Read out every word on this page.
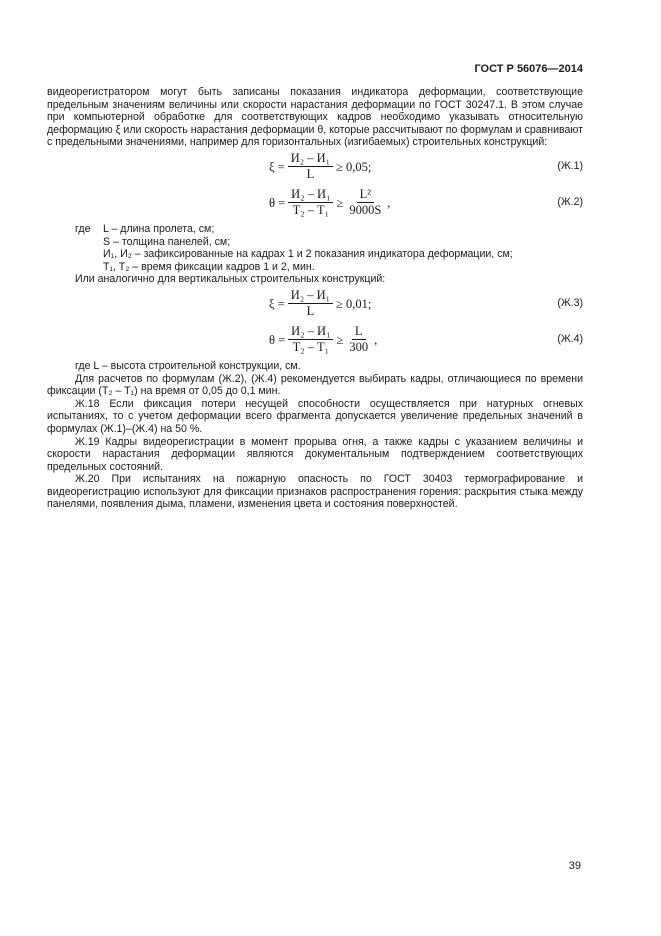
ГОСТ Р 56076—2014

видеорегистратором могут быть записаны показания индикатора деформации, соответствующие предельным значениям величины или скорости нарастания деформации по ГОСТ 30247.1. В этом случае при компьютерной обработке для соответствующих кадров необходимо указывать относительную деформацию ξ или скорость нарастания деформации θ, которые рассчитывают по формулам и сравнивают с предельными значениями, например для горизонтальных (изгибаемых) строительных конструкций:

$\xi = \frac{\text{И₂ – И₁}}{L} \ge 0,05$;	(Ж.1)
$\theta = \frac{\text{И₂ – И₁}}{\text{T₂ – T₁}} \ge \frac{\text{L²}}{9000S}$ ,	(Ж.2)
где	L – длина пролета, см;
S – толщина панелей, см;
И₁, И₂ – зафиксированные на кадрах 1 и 2 показания индикатора деформации, см;
T₁, T₂ – время фиксации кадров 1 и 2, мин.

Или аналогично для вертикальных строительных конструкций:

$\xi = \frac{\text{И₂ – И₁}}{L} \ge 0,01$;	(Ж.3)
$\theta = \frac{\text{И₂ – И₁}}{\text{T₂ – T₁}} \ge \frac{L}{300}$ ,	(Ж.4)

где L – высота строительной конструкции, см.

Для расчетов по формулам (Ж.2), (Ж.4) рекомендуется выбирать кадры, отличающиеся по времени фиксации (T₂ – T₁) на время от 0,05 до 0,1 мин.

Ж.18 Если фиксация потери несущей способности осуществляется при натурных огневых испытаниях, то с учетом деформации всего фрагмента допускается увеличение предельных значений в формулах (Ж.1)–(Ж.4) на 50 %.

Ж.19 Кадры видеорегистрации в момент прорыва огня, а также кадры с указанием величины и скорости нарастания деформации являются документальным подтверждением соответствующих предельных состояний.

Ж.20 При испытаниях на пожарную опасность по ГОСТ 30403 термографирование и видеорегистрацию используют для фиксации признаков распространения горения: раскрытия стыка между панелями, появления дыма, пламени, изменения цвета и состояния поверхностей.

39
